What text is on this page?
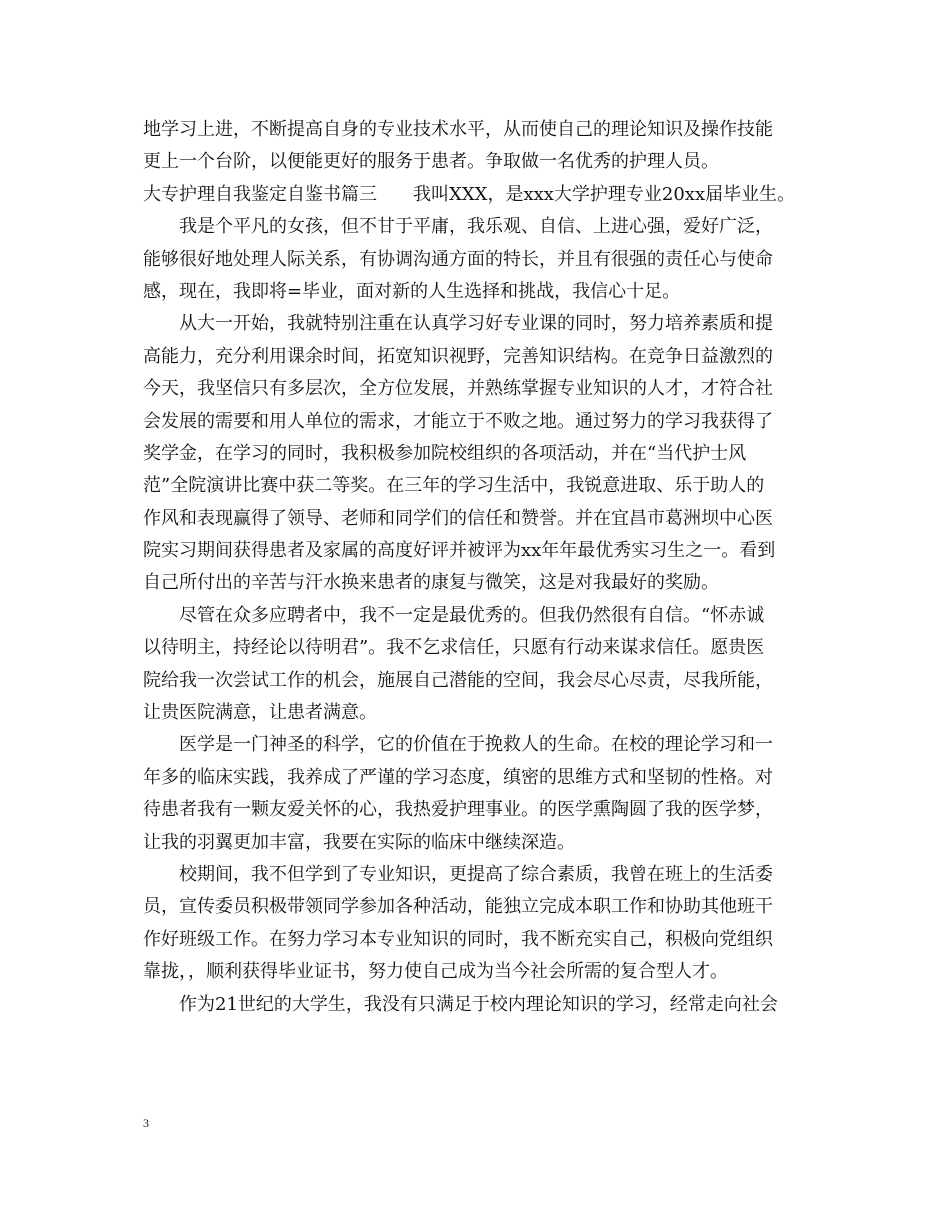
地学习上进，不断提高自身的专业技术水平，从而使自己的理论知识及操作技能
更上一个台阶，以便能更好的服务于患者。争取做一名优秀的护理人员。
大专护理自我鉴定自鉴书篇三　　我叫XXX，是xxx大学护理专业20xx届毕业生。
　　我是个平凡的女孩，但不甘于平庸，我乐观、自信、上进心强，爱好广泛，
能够很好地处理人际关系，有协调沟通方面的特长，并且有很强的责任心与使命
感，现在，我即将=毕业，面对新的人生选择和挑战，我信心十足。
　　从大一开始，我就特别注重在认真学习好专业课的同时，努力培养素质和提
高能力，充分利用课余时间，拓宽知识视野，完善知识结构。在竞争日益激烈的
今天，我坚信只有多层次，全方位发展，并熟练掌握专业知识的人才，才符合社
会发展的需要和用人单位的需求，才能立于不败之地。通过努力的学习我获得了
奖学金，在学习的同时，我积极参加院校组织的各项活动，并在“当代护士风
范”全院演讲比赛中获二等奖。在三年的学习生活中，我锐意进取、乐于助人的
作风和表现赢得了领导、老师和同学们的信任和赞誉。并在宜昌市葛洲坝中心医
院实习期间获得患者及家属的高度好评并被评为xx年年最优秀实习生之一。看到
自己所付出的辛苦与汗水换来患者的康复与微笑，这是对我最好的奖励。
　　尽管在众多应聘者中，我不一定是最优秀的。但我仍然很有自信。“怀赤诚
以待明主，持经论以待明君”。我不乞求信任，只愿有行动来谋求信任。愿贵医
院给我一次尝试工作的机会，施展自己潜能的空间，我会尽心尽责，尽我所能，
让贵医院满意，让患者满意。
　　医学是一门神圣的科学，它的价值在于挽救人的生命。在校的理论学习和一
年多的临床实践，我养成了严谨的学习态度，缜密的思维方式和坚韧的性格。对
待患者我有一颗友爱关怀的心，我热爱护理事业。的医学熏陶圆了我的医学梦，
让我的羽翼更加丰富，我要在实际的临床中继续深造。
　　校期间，我不但学到了专业知识，更提高了综合素质，我曾在班上的生活委
员，宣传委员积极带领同学参加各种活动，能独立完成本职工作和协助其他班干
作好班级工作。在努力学习本专业知识的同时，我不断充实自己，积极向党组织
靠拢，，顺利获得毕业证书，努力使自己成为当今社会所需的复合型人才。
　　作为21世纪的大学生，我没有只满足于校内理论知识的学习，经常走向社会
3
